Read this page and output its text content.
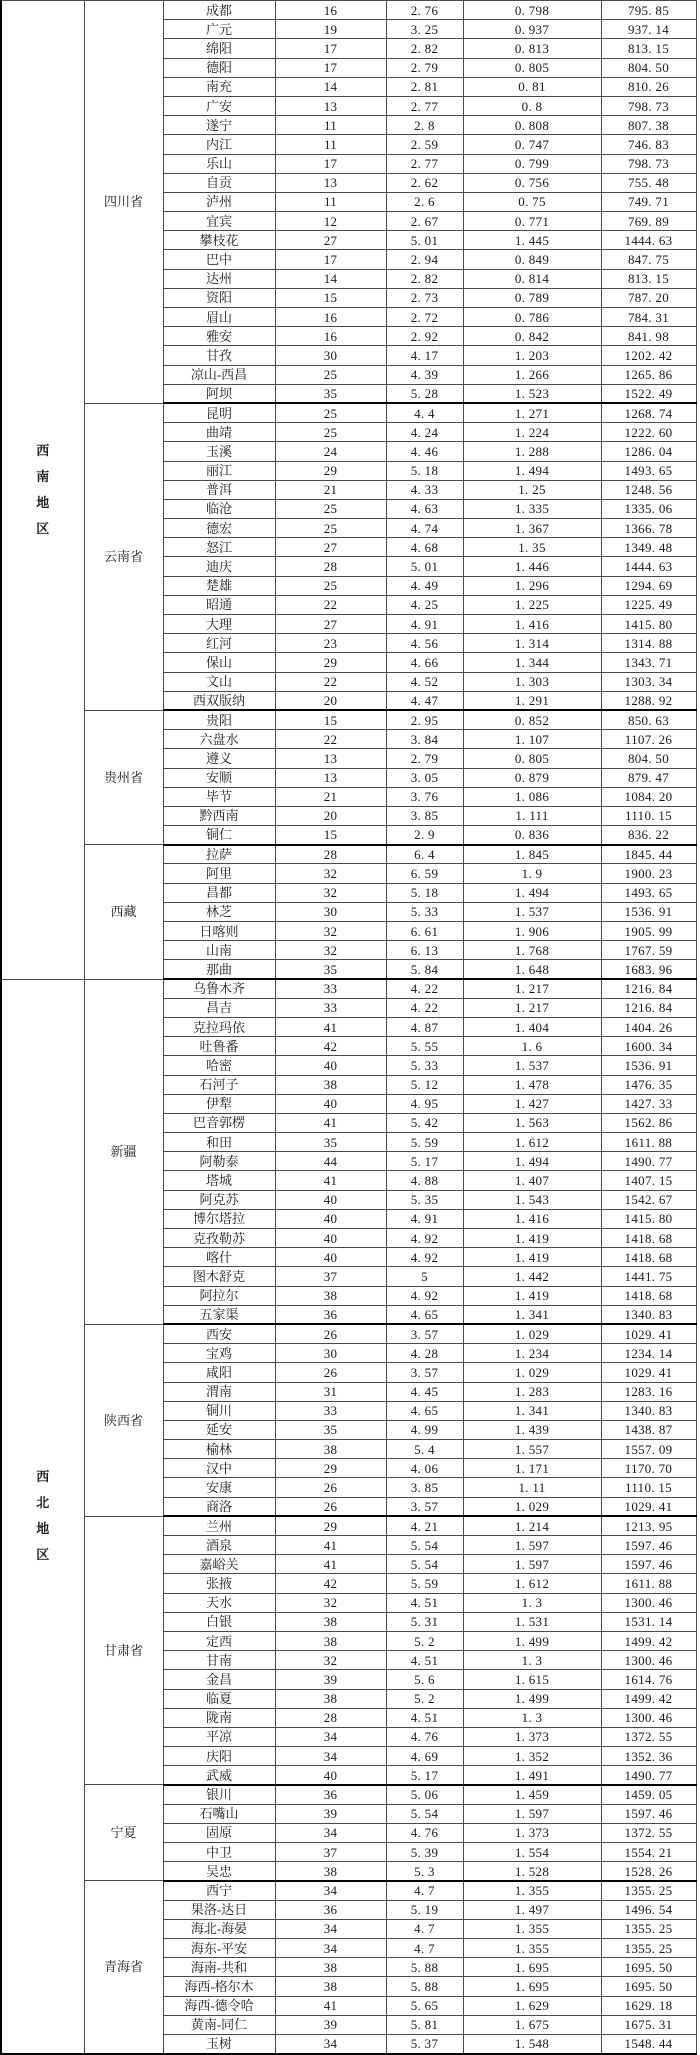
西
南
地
区	四川省	成都	16	2. 76	0. 798	795. 85
		广元	19	3. 25	0. 937	937. 14
		绵阳	17	2. 82	0. 813	813. 15
		德阳	17	2. 79	0. 805	804. 50
		南充	14	2. 81	0. 81	810. 26
		广安	13	2. 77	0. 8	798. 73
		遂宁	11	2. 8	0. 808	807. 38
		内江	11	2. 59	0. 747	746. 83
		乐山	17	2. 77	0. 799	798. 73
		自贡	13	2. 62	0. 756	755. 48
		泸州	11	2. 6	0. 75	749. 71
		宜宾	12	2. 67	0. 771	769. 89
		攀枝花	27	5. 01	1. 445	1444. 63
		巴中	17	2. 94	0. 849	847. 75
		达州	14	2. 82	0. 814	813. 15
		资阳	15	2. 73	0. 789	787. 20
		眉山	16	2. 72	0. 786	784. 31
		雅安	16	2. 92	0. 842	841. 98
		甘孜	30	4. 17	1. 203	1202. 42
		凉山-西昌	25	4. 39	1. 266	1265. 86
		阿坝	35	5. 28	1. 523	1522. 49
	云南省	昆明	25	4. 4	1. 271	1268. 74
		曲靖	25	4. 24	1. 224	1222. 60
		玉溪	24	4. 46	1. 288	1286. 04
		丽江	29	5. 18	1. 494	1493. 65
		普洱	21	4. 33	1. 25	1248. 56
		临沧	25	4. 63	1. 335	1335. 06
		德宏	25	4. 74	1. 367	1366. 78
		怒江	27	4. 68	1. 35	1349. 48
		迪庆	28	5. 01	1. 446	1444. 63
		楚雄	25	4. 49	1. 296	1294. 69
		昭通	22	4. 25	1. 225	1225. 49
		大理	27	4. 91	1. 416	1415. 80
		红河	23	4. 56	1. 314	1314. 88
		保山	29	4. 66	1. 344	1343. 71
		文山	22	4. 52	1. 303	1303. 34
		西双版纳	20	4. 47	1. 291	1288. 92
	贵州省	贵阳	15	2. 95	0. 852	850. 63
		六盘水	22	3. 84	1. 107	1107. 26
		遵义	13	2. 79	0. 805	804. 50
		安顺	13	3. 05	0. 879	879. 47
		毕节	21	3. 76	1. 086	1084. 20
		黔西南	20	3. 85	1. 111	1110. 15
		铜仁	15	2. 9	0. 836	836. 22
	西藏	拉萨	28	6. 4	1. 845	1845. 44
		阿里	32	6. 59	1. 9	1900. 23
		昌都	32	5. 18	1. 494	1493. 65
		林芝	30	5. 33	1. 537	1536. 91
		日喀则	32	6. 61	1. 906	1905. 99
		山南	32	6. 13	1. 768	1767. 59
		那曲	35	5. 84	1. 648	1683. 96

西
北
地
区	新疆	乌鲁木齐	33	4. 22	1. 217	1216. 84
		昌吉	33	4. 22	1. 217	1216. 84
		克拉玛依	41	4. 87	1. 404	1404. 26
		吐鲁番	42	5. 55	1. 6	1600. 34
		哈密	40	5. 33	1. 537	1536. 91
		石河子	38	5. 12	1. 478	1476. 35
		伊犁	40	4. 95	1. 427	1427. 33
		巴音郭楞	41	5. 42	1. 563	1562. 86
		和田	35	5. 59	1. 612	1611. 88
		阿勒泰	44	5. 17	1. 494	1490. 77
		塔城	41	4. 88	1. 407	1407. 15
		阿克苏	40	5. 35	1. 543	1542. 67
		博尔塔拉	40	4. 91	1. 416	1415. 80
		克孜勒苏	40	4. 92	1. 419	1418. 68
		喀什	40	4. 92	1. 419	1418. 68
		图木舒克	37	5	1. 442	1441. 75
		阿拉尔	38	4. 92	1. 419	1418. 68
		五家渠	36	4. 65	1. 341	1340. 83
	陕西省	西安	26	3. 57	1. 029	1029. 41
		宝鸡	30	4. 28	1. 234	1234. 14
		咸阳	26	3. 57	1. 029	1029. 41
		渭南	31	4. 45	1. 283	1283. 16
		铜川	33	4. 65	1. 341	1340. 83
		延安	35	4. 99	1. 439	1438. 87
		榆林	38	5. 4	1. 557	1557. 09
		汉中	29	4. 06	1. 171	1170. 70
		安康	26	3. 85	1. 11	1110. 15
		商洛	26	3. 57	1. 029	1029. 41
	甘肃省	兰州	29	4. 21	1. 214	1213. 95
		酒泉	41	5. 54	1. 597	1597. 46
		嘉峪关	41	5. 54	1. 597	1597. 46
		张掖	42	5. 59	1. 612	1611. 88
		天水	32	4. 51	1. 3	1300. 46
		白银	38	5. 31	1. 531	1531. 14
		定西	38	5. 2	1. 499	1499. 42
		甘南	32	4. 51	1. 3	1300. 46
		金昌	39	5. 6	1. 615	1614. 76
		临夏	38	5. 2	1. 499	1499. 42
		陇南	28	4. 51	1. 3	1300. 46
		平凉	34	4. 76	1. 373	1372. 55
		庆阳	34	4. 69	1. 352	1352. 36
		武威	40	5. 17	1. 491	1490. 77
	宁夏	银川	36	5. 06	1. 459	1459. 05
		石嘴山	39	5. 54	1. 597	1597. 46
		固原	34	4. 76	1. 373	1372. 55
		中卫	37	5. 39	1. 554	1554. 21
		吴忠	38	5. 3	1. 528	1528. 26
	青海省	西宁	34	4. 7	1. 355	1355. 25
		果洛-达日	36	5. 19	1. 497	1496. 54
		海北-海晏	34	4. 7	1. 355	1355. 25
		海东-平安	34	4. 7	1. 355	1355. 25
		海南-共和	38	5. 88	1. 695	1695. 50
		海西-格尔木	38	5. 88	1. 695	1695. 50
		海西-德令哈	41	5. 65	1. 629	1629. 18
		黄南-同仁	39	5. 81	1. 675	1675. 31
		玉树	34	5. 37	1. 548	1548. 44
